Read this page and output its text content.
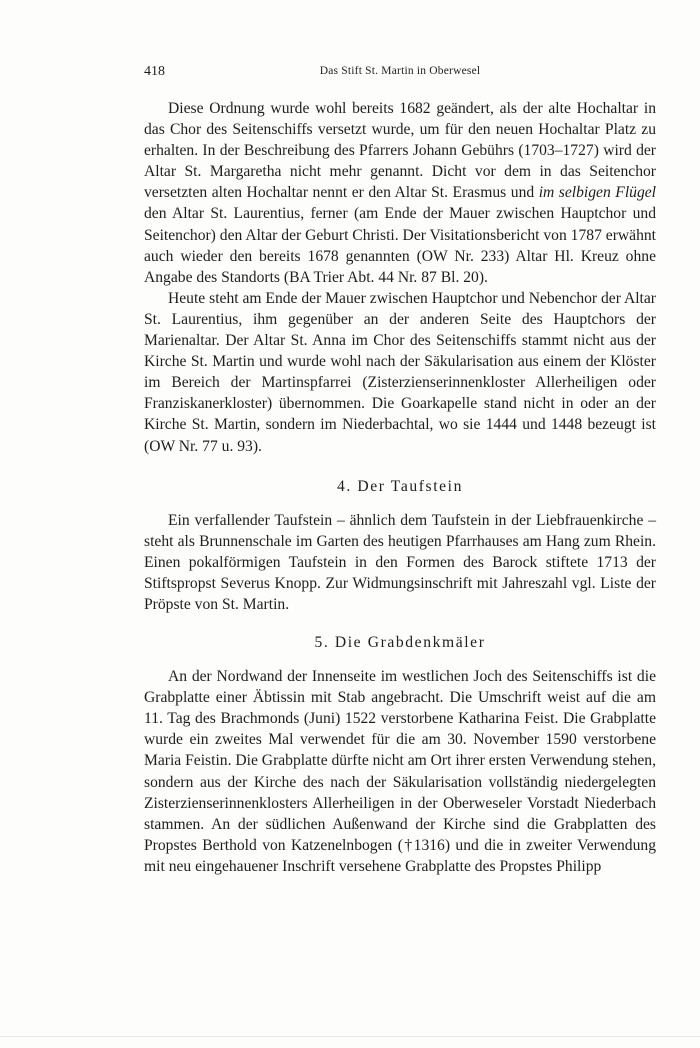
418	Das Stift St. Martin in Oberwesel

Diese Ordnung wurde wohl bereits 1682 geändert, als der alte Hochaltar in das Chor des Seitenschiffs versetzt wurde, um für den neuen Hochaltar Platz zu erhalten. In der Beschreibung des Pfarrers Johann Gebührs (1703–1727) wird der Altar St. Margaretha nicht mehr genannt. Dicht vor dem in das Seitenchor versetzten alten Hochaltar nennt er den Altar St. Erasmus und im selbigen Flügel den Altar St. Laurentius, ferner (am Ende der Mauer zwischen Hauptchor und Seitenchor) den Altar der Geburt Christi. Der Visitationsbericht von 1787 erwähnt auch wieder den bereits 1678 genannten (OW Nr. 233) Altar Hl. Kreuz ohne Angabe des Standorts (BA Trier Abt. 44 Nr. 87 Bl. 20).

Heute steht am Ende der Mauer zwischen Hauptchor und Nebenchor der Altar St. Laurentius, ihm gegenüber an der anderen Seite des Hauptchors der Marienaltar. Der Altar St. Anna im Chor des Seitenschiffs stammt nicht aus der Kirche St. Martin und wurde wohl nach der Säkularisation aus einem der Klöster im Bereich der Martinspfarrei (Zisterzienserinnenkloster Allerheiligen oder Franziskanerkloster) übernommen. Die Goarkapelle stand nicht in oder an der Kirche St. Martin, sondern im Niederbachtal, wo sie 1444 und 1448 bezeugt ist (OW Nr. 77 u. 93).

4. Der Taufstein

Ein verfallender Taufstein – ähnlich dem Taufstein in der Liebfrauenkirche – steht als Brunnenschale im Garten des heutigen Pfarrhauses am Hang zum Rhein. Einen pokalförmigen Taufstein in den Formen des Barock stiftete 1713 der Stiftspropst Severus Knopp. Zur Widmungsinschrift mit Jahreszahl vgl. Liste der Pröpste von St. Martin.

5. Die Grabdenkmäler

An der Nordwand der Innenseite im westlichen Joch des Seitenschiffs ist die Grabplatte einer Äbtissin mit Stab angebracht. Die Umschrift weist auf die am 11. Tag des Brachmonds (Juni) 1522 verstorbene Katharina Feist. Die Grabplatte wurde ein zweites Mal verwendet für die am 30. November 1590 verstorbene Maria Feistin. Die Grabplatte dürfte nicht am Ort ihrer ersten Verwendung stehen, sondern aus der Kirche des nach der Säkularisation vollständig niedergelegten Zisterzienserinnenklosters Allerheiligen in der Oberweseler Vorstadt Niederbach stammen. An der südlichen Außenwand der Kirche sind die Grabplatten des Propstes Berthold von Katzenelnbogen (†1316) und die in zweiter Verwendung mit neu eingehauener Inschrift versehene Grabplatte des Propstes Philipp
